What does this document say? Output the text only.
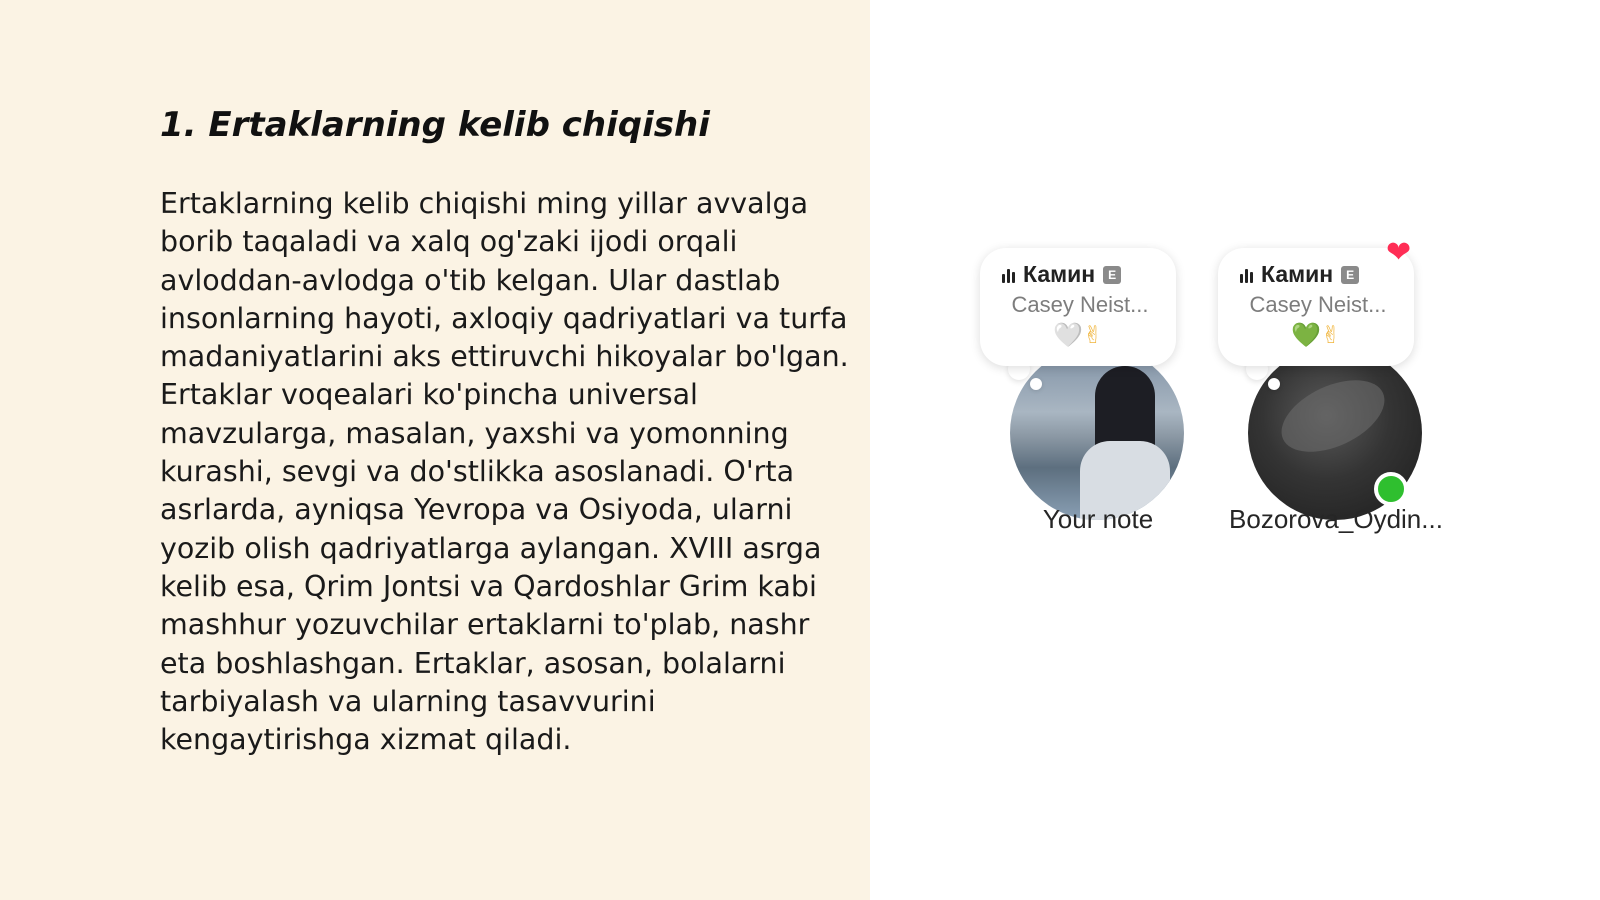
1. Ertaklarning kelib chiqishi

Ertaklarning kelib chiqishi ming yillar avvalga borib taqaladi va xalq og'zaki ijodi orqali avloddan-avlodga o'tib kelgan. Ular dastlab insonlarning hayoti, axloqiy qadriyatlari va turfa madaniyatlarini aks ettiruvchi hikoyalar bo'lgan. Ertaklar voqealari ko'pincha universal mavzularga, masalan, yaxshi va yomonning kurashi, sevgi va do'stlikka asoslanadi. O'rta asrlarda, ayniqsa Yevropa va Osiyoda, ularni yozib olish qadriyatlarga aylangan. XVIII asrga kelib esa, Qrim Jontsi va Qardoshlar Grim kabi mashhur yozuvchilar ertaklarni to'plab, nashr eta boshlashgan. Ertaklar, asosan, bolalarni tarbiyalash va ularning tasavvurini kengaytirishga xizmat qiladi.

Камин	E
Casey Neist...
🤍✌
Your note
Камин	E
Casey Neist...
💚✌
❤
Bozorova_Oydin...
